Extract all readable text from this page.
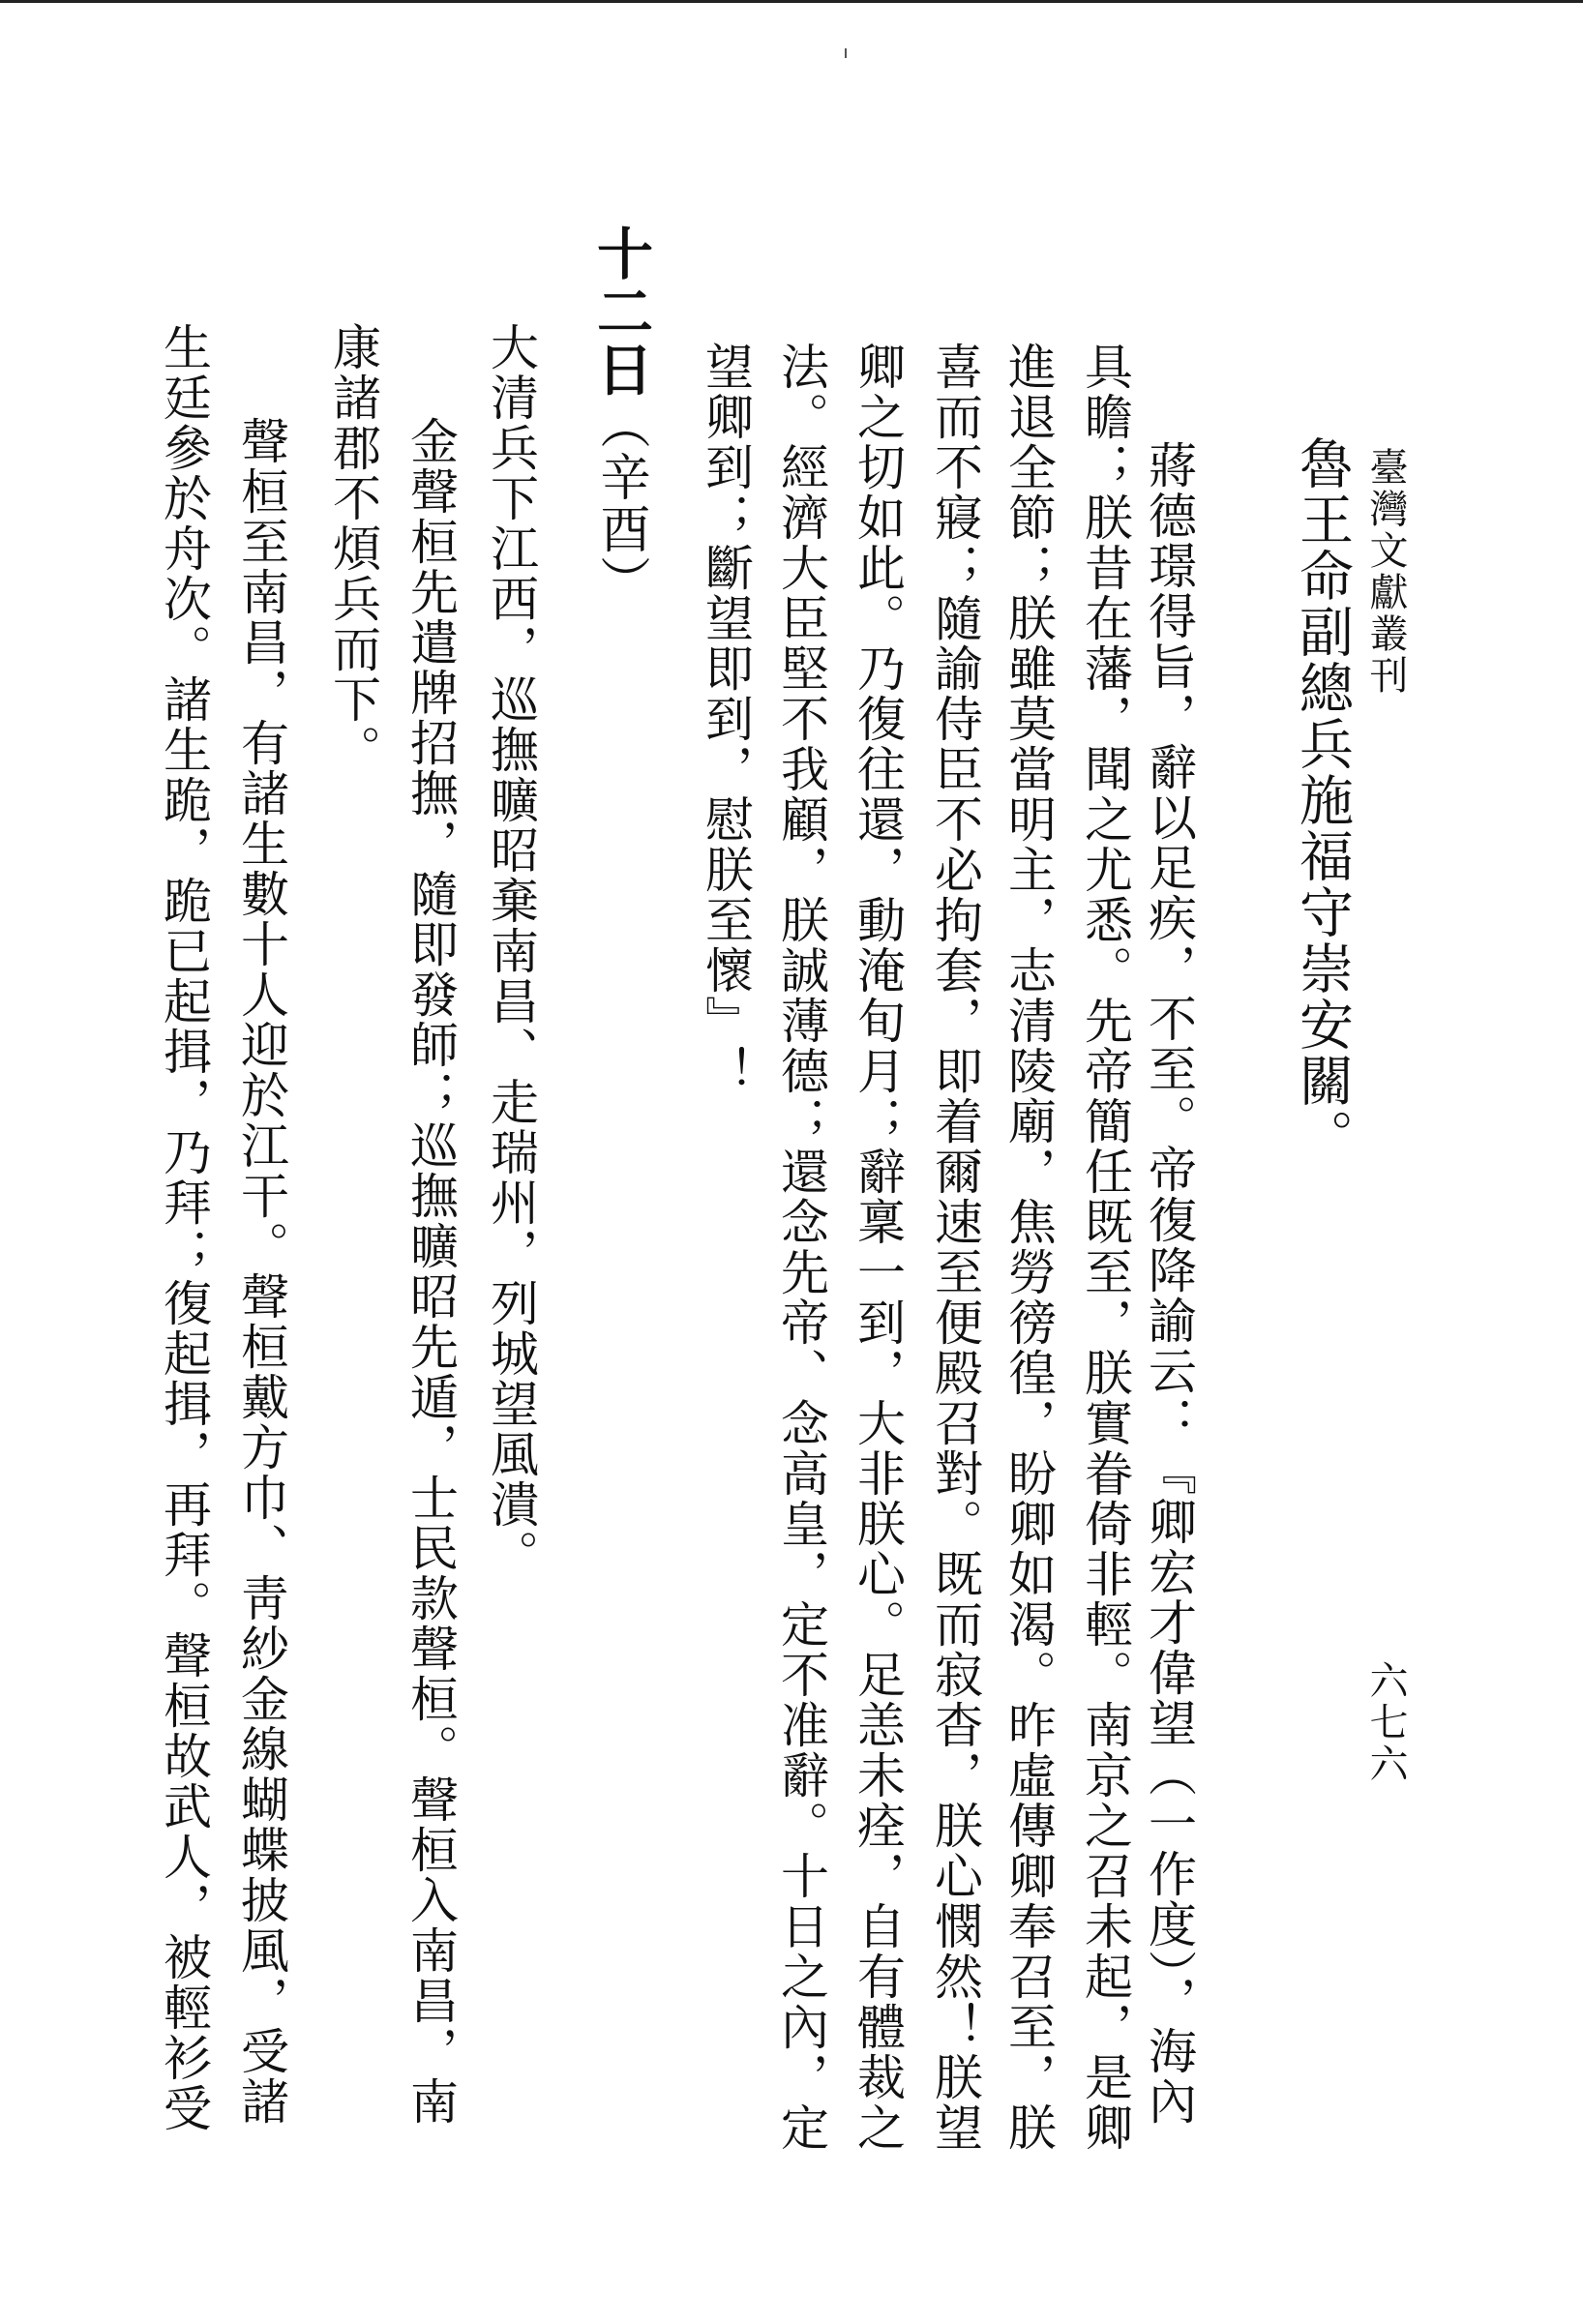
臺灣文獻叢刊
六七六
魯王命副總兵施福守崇安關。
蔣德璟得旨，辭以足疾，不至。帝復降諭云：『卿宏才偉望（一作度），海內
具瞻；朕昔在藩，聞之尤悉。先帝簡任既至，朕實眷倚非輕。南京之召未起，是卿
進退全節；朕雖莫當明主，志清陵廟，焦勞徬徨，盼卿如渴。昨虛傳卿奉召至，朕
喜而不寢；隨諭侍臣不必拘套，即着爾速至便殿召對。既而寂杳，朕心憫然！朕望
卿之切如此。乃復往還，動淹旬月；辭稟一到，大非朕心。足恙未痊，自有體裁之
法。經濟大臣堅不我顧，朕誠薄德；還念先帝、念高皇，定不准辭。十日之內，定
望卿到；斷望即到，慰朕至懷』！
十二日（辛酉）
大清兵下江西，巡撫曠昭棄南昌、走瑞州，列城望風潰。
金聲桓先遣牌招撫，隨即發師；巡撫曠昭先遁，士民款聲桓。聲桓入南昌，南
康諸郡不煩兵而下。
聲桓至南昌，有諸生數十人迎於江干。聲桓戴方巾、靑紗金線蝴蝶披風，受諸
生廷參於舟次。諸生跪，跪已起揖，乃拜；復起揖，再拜。聲桓故武人，被輕衫受
